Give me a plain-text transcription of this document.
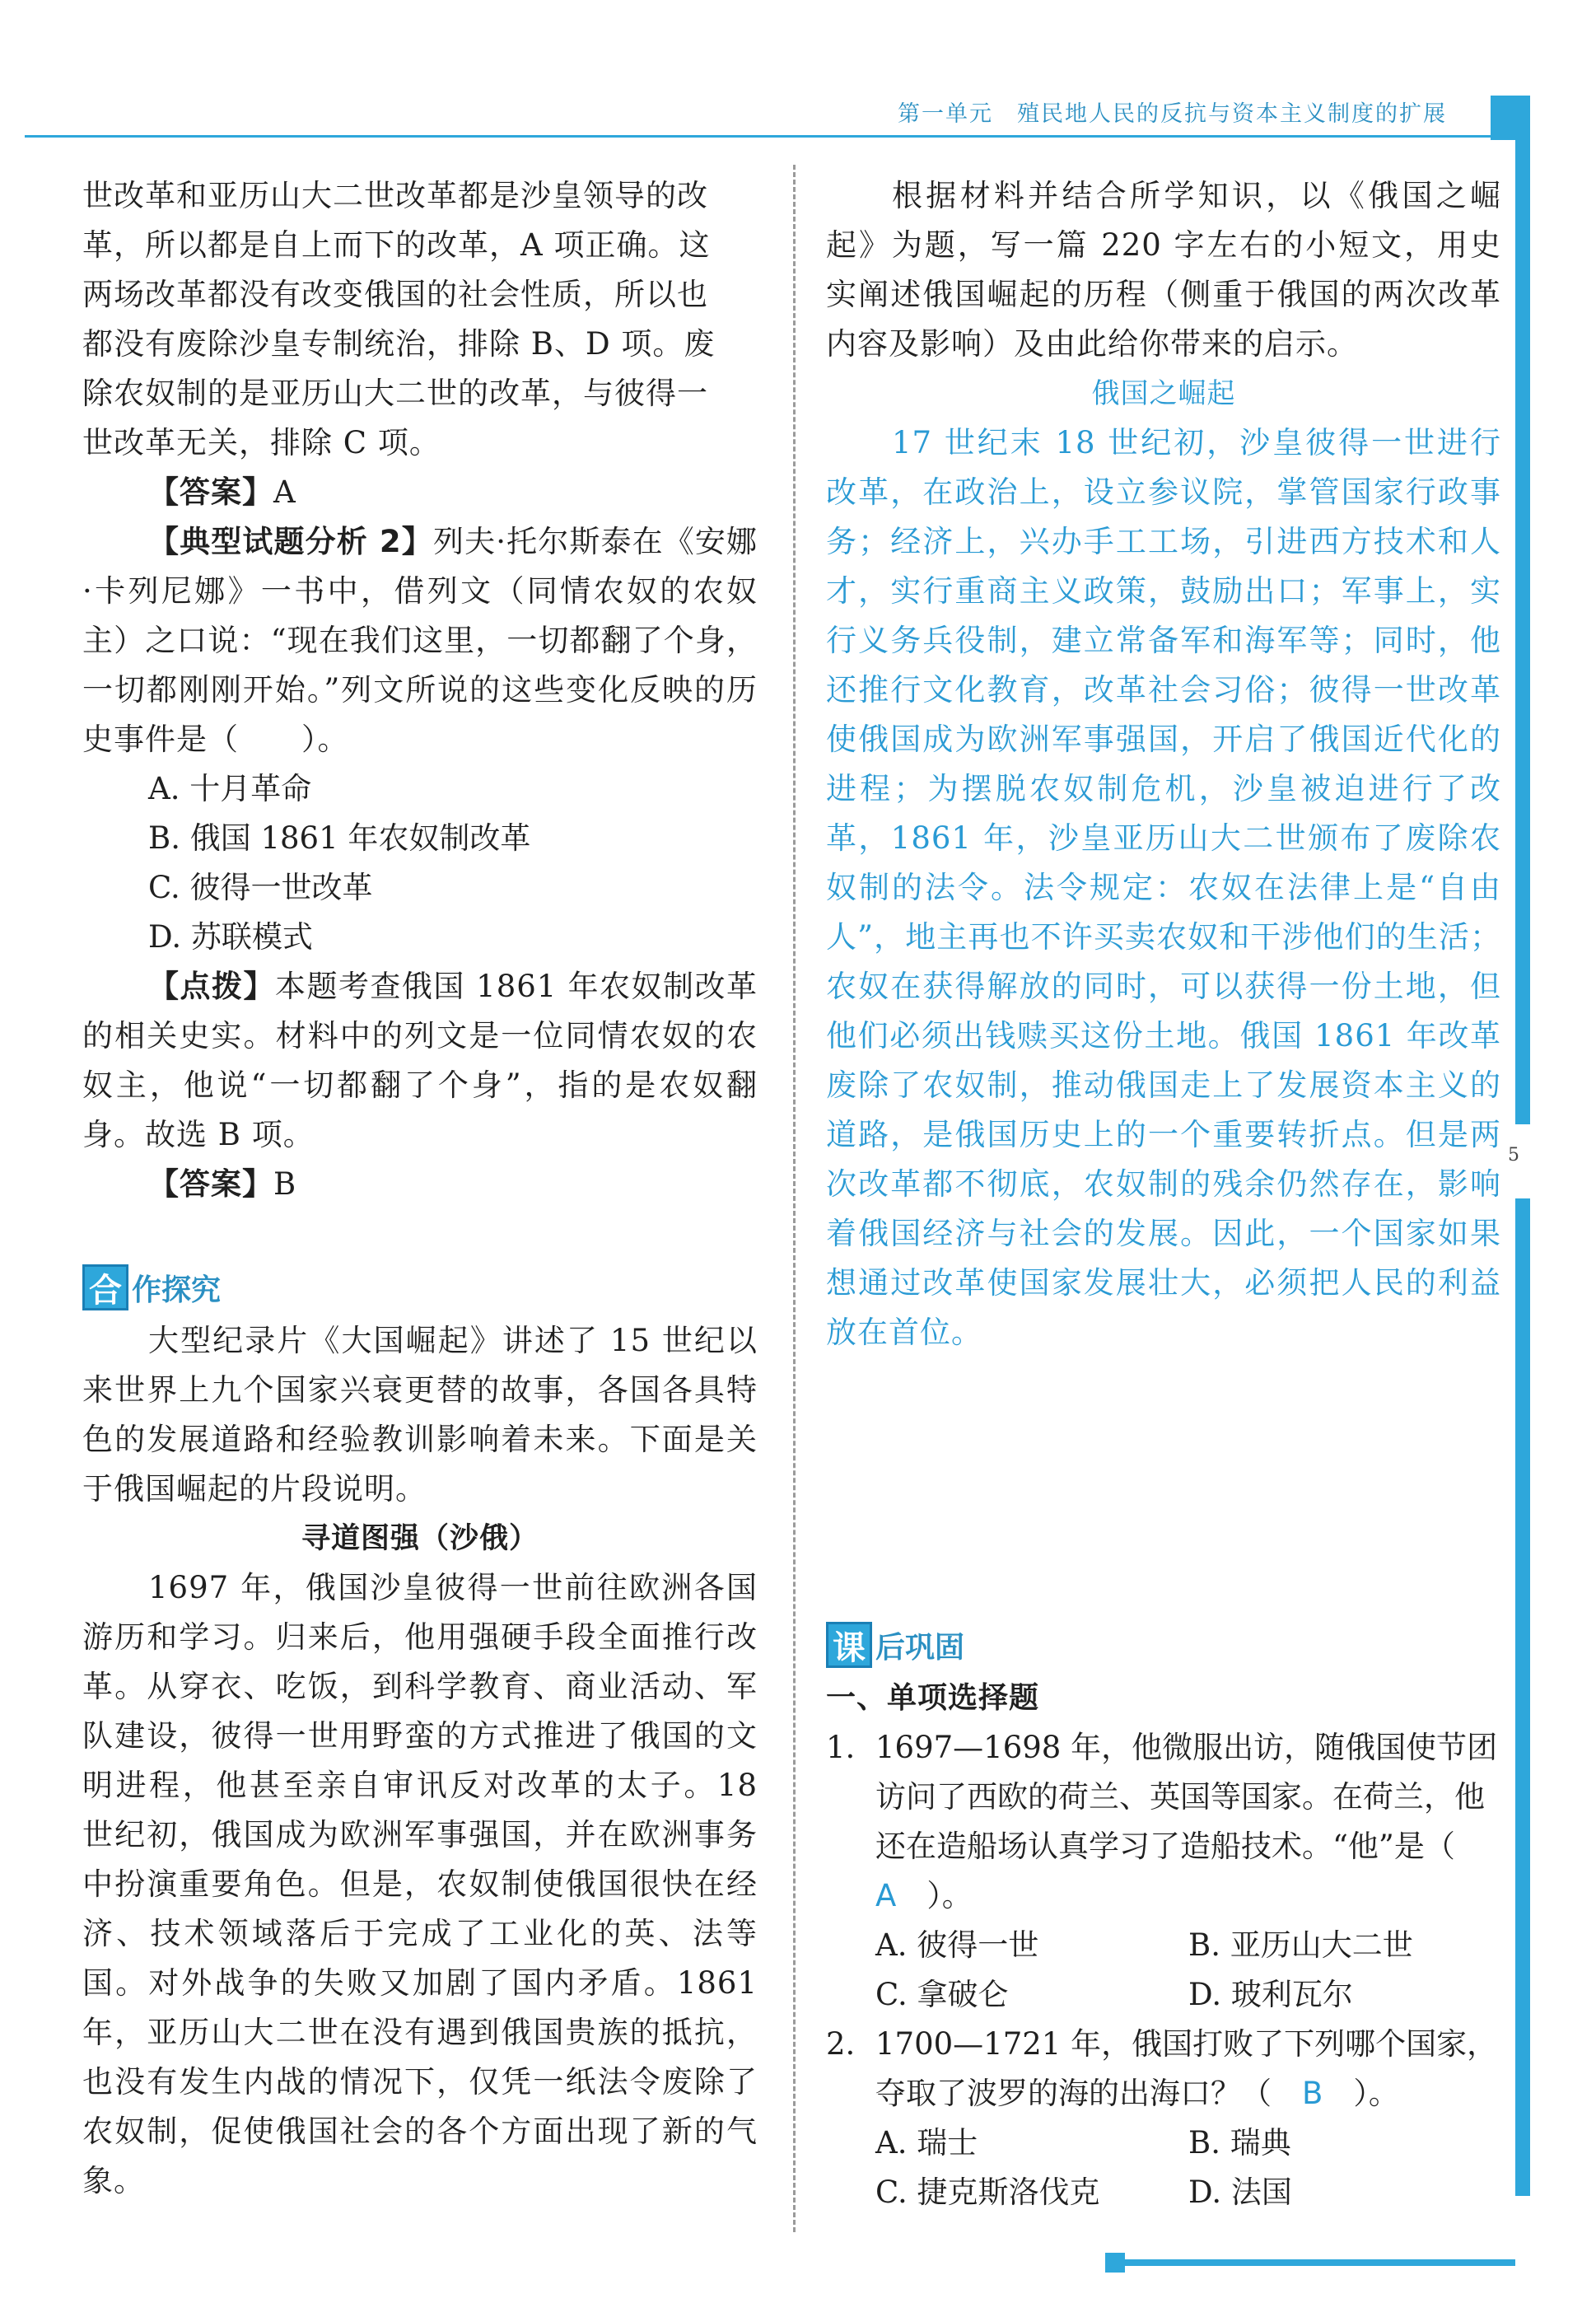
第一单元　 殖民地人民的反抗与资本主义制度的扩展
5

世改革和亚历山大二世改革都是沙皇领导的改

革，所以都是自上而下的改革，A 项正确。这

两场改革都没有改变俄国的社会性质，所以也

都没有废除沙皇专制统治，排除 B、D 项。废

除农奴制的是亚历山大二世的改革，与彼得一

世改革无关，排除 C 项。

【答案】A

【典型试题分析 2】列夫·托尔斯泰在《安娜·卡列尼娜》一书中，借列文（同情农奴的农奴主）之口说：“现在我们这里，一切都翻了个身，一切都刚刚开始。”列文所说的这些变化反映的历史事件是（　　）。

A. 十月革命

B. 俄国 1861 年农奴制改革

C. 彼得一世改革

D. 苏联模式

【点拨】本题考查俄国 1861 年农奴制改革的相关史实。材料中的列文是一位同情农奴的农奴主，他说“一切都翻了个身”，指的是农奴翻身。故选 B 项。

【答案】B

合 作探究

大型纪录片《大国崛起》讲述了 15 世纪以来世界上九个国家兴衰更替的故事，各国各具特色的发展道路和经验教训影响着未来。下面是关于俄国崛起的片段说明。

寻道图强（沙俄）

1697 年，俄国沙皇彼得一世前往欧洲各国游历和学习。归来后，他用强硬手段全面推行改革。从穿衣、吃饭，到科学教育、商业活动、军队建设，彼得一世用野蛮的方式推进了俄国的文明进程，他甚至亲自审讯反对改革的太子。18 世纪初，俄国成为欧洲军事强国，并在欧洲事务中扮演重要角色。但是，农奴制使俄国很快在经济、技术领域落后于完成了工业化的英、法等国。对外战争的失败又加剧了国内矛盾。1861 年，亚历山大二世在没有遇到俄国贵族的抵抗，也没有发生内战的情况下，仅凭一纸法令废除了农奴制，促使俄国社会的各个方面出现了新的气象。

根据材料并结合所学知识，以《俄国之崛起》为题，写一篇 220 字左右的小短文，用史实阐述俄国崛起的历程（侧重于俄国的两次改革内容及影响）及由此给你带来的启示。

俄国之崛起

17 世纪末 18 世纪初，沙皇彼得一世进行改革，在政治上，设立参议院，掌管国家行政事务；经济上，兴办手工工场，引进西方技术和人才，实行重商主义政策，鼓励出口；军事上，实行义务兵役制，建立常备军和海军等；同时，他还推行文化教育，改革社会习俗；彼得一世改革使俄国成为欧洲军事强国，开启了俄国近代化的进程；为摆脱农奴制危机，沙皇被迫进行了改革，1861 年，沙皇亚历山大二世颁布了废除农奴制的法令。法令规定：农奴在法律上是“自由人”，地主再也不许买卖农奴和干涉他们的生活；农奴在获得解放的同时，可以获得一份土地，但他们必须出钱赎买这份土地。俄国 1861 年改革废除了农奴制，推动俄国走上了发展资本主义的道路，是俄国历史上的一个重要转折点。但是两次改革都不彻底，农奴制的残余仍然存在，影响着俄国经济与社会的发展。因此，一个国家如果想通过改革使国家发展壮大，必须把人民的利益放在首位。

课 后巩固

一、单项选择题

1. 1697—1698 年，他微服出访，随俄国使节团访问了西欧的荷兰、英国等国家。在荷兰，他还在造船场认真学习了造船技术。“他”是（　A　 ）。
A. 彼得一世	B. 亚历山大二世
C. 拿破仑	D. 玻利瓦尔
2. 1700—1721 年，俄国打败了下列哪个国家，夺取了波罗的海的出海口？（　 B　 ）。
A. 瑞士	B. 瑞典
C. 捷克斯洛伐克	D. 法国
